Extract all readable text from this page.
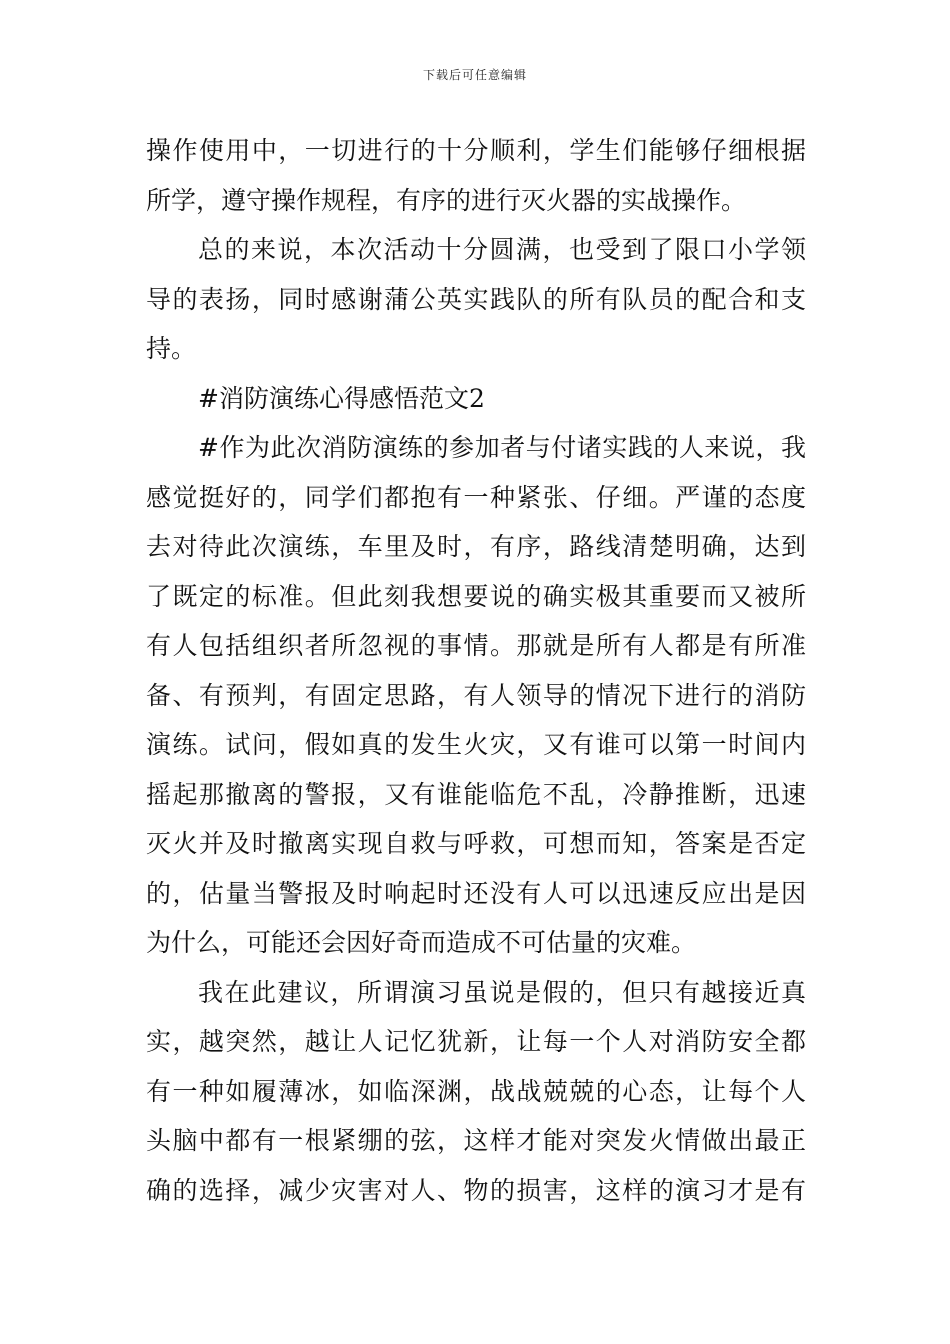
下载后可任意编辑
操作使用中，一切进行的十分顺利，学生们能够仔细根据
所学，遵守操作规程，有序的进行灭火器的实战操作。
总的来说，本次活动十分圆满，也受到了限口小学领
导的表扬，同时感谢蒲公英实践队的所有队员的配合和支
持。
#消防演练心得感悟范文2
#作为此次消防演练的参加者与付诸实践的人来说，我
感觉挺好的，同学们都抱有一种紧张、仔细。严谨的态度
去对待此次演练，车里及时，有序，路线清楚明确，达到
了既定的标准。但此刻我想要说的确实极其重要而又被所
有人包括组织者所忽视的事情。那就是所有人都是有所准
备、有预判，有固定思路，有人领导的情况下进行的消防
演练。试问，假如真的发生火灾，又有谁可以第一时间内
摇起那撤离的警报，又有谁能临危不乱，冷静推断，迅速
灭火并及时撤离实现自救与呼救，可想而知，答案是否定
的，估量当警报及时响起时还没有人可以迅速反应出是因
为什么，可能还会因好奇而造成不可估量的灾难。
我在此建议，所谓演习虽说是假的，但只有越接近真
实，越突然，越让人记忆犹新，让每一个人对消防安全都
有一种如履薄冰，如临深渊，战战兢兢的心态，让每个人
头脑中都有一根紧绷的弦，这样才能对突发火情做出最正
确的选择，减少灾害对人、物的损害，这样的演习才是有
